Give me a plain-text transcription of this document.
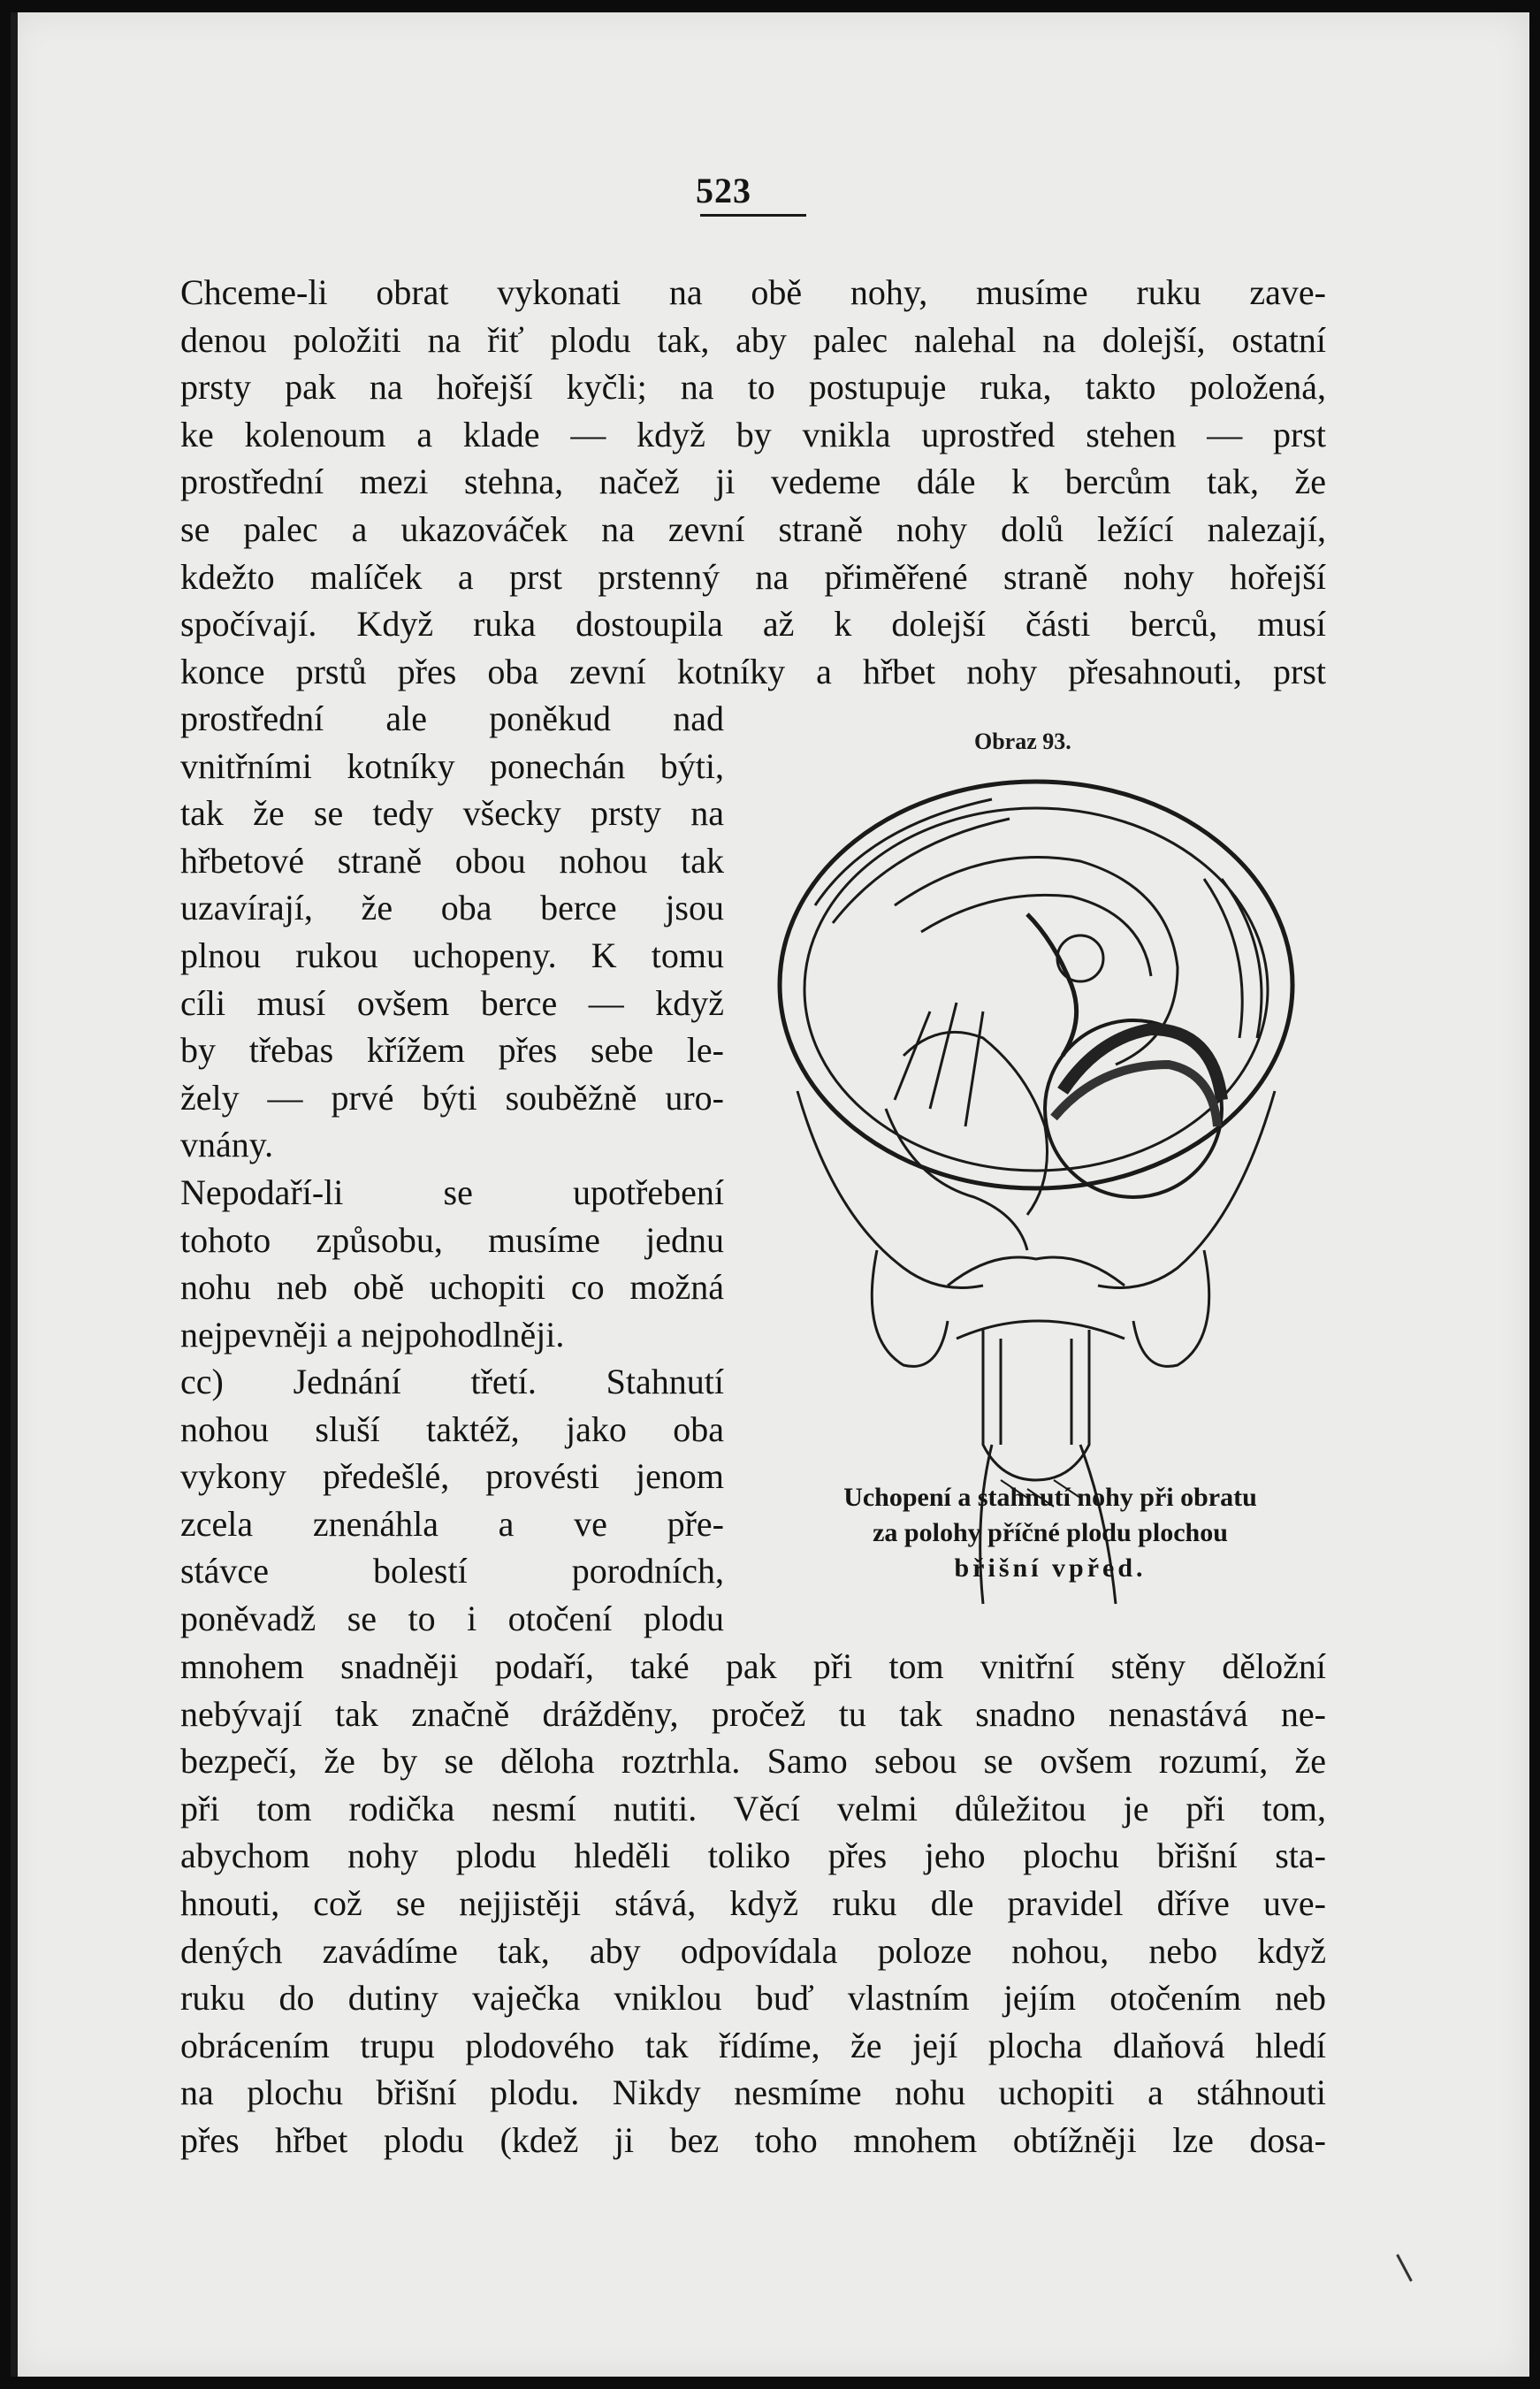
523
Chceme-li obrat vykonati na obě nohy, musíme ruku zave-
denou položiti na řiť plodu tak, aby palec nalehal na dolejší, ostatní
prsty pak na hořejší kyčli; na to postupuje ruka, takto položená,
ke kolenoum a klade — když by vnikla uprostřed stehen — prst
prostřední mezi stehna, načež ji vedeme dále k bercům tak, že
se palec a ukazováček na zevní straně nohy dolů ležící nalezají,
kdežto malíček a prst prstenný na přiměřené straně nohy hořejší
spočívají. Když ruka dostoupila až k dolejší části berců, musí
konce prstů přes oba zevní kotníky a hřbet nohy přesahnouti, prst
prostřední ale poněkud nad
vnitřními kotníky ponechán býti,
tak že se tedy všecky prsty na
hřbetové straně obou nohou tak
uzavírají, že oba berce jsou
plnou rukou uchopeny. K tomu
cíli musí ovšem berce — když
by třebas křížem přes sebe le-
žely — prvé býti souběžně uro-
vnány.
Nepodaří-li se upotřebení
tohoto způsobu, musíme jednu
nohu neb obě uchopiti co možná
nejpevněji a nejpohodlněji.
cc) Jednání třetí. Stahnutí
nohou sluší taktéž, jako oba
vykony předešlé, provésti jenom
zcela znenáhla a ve pře-
stávce bolestí porodních,
poněvadž se to i otočení plodu
mnohem snadněji podaří, také pak při tom vnitřní stěny děložní
nebývají tak značně drážděny, pročež tu tak snadno nenastává ne-
bezpečí, že by se děloha roztrhla. Samo sebou se ovšem rozumí, že
při tom rodička nesmí nutiti. Věcí velmi důležitou je při tom,
abychom nohy plodu hleděli toliko přes jeho plochu břišní sta-
hnouti, což se nejjistěji stává, když ruku dle pravidel dříve uve-
dených zavádíme tak, aby odpovídala poloze nohou, nebo když
ruku do dutiny vaječka vniklou buď vlastním jejím otočením neb
obrácením trupu plodového tak řídíme, že její plocha dlaňová hledí
na plochu břišní plodu. Nikdy nesmíme nohu uchopiti a stáhnouti
přes hřbet plodu (kdež ji bez toho mnohem obtížněji lze dosa-
Obraz 93.
Uchopení a stahnutí nohy při obratu
za polohy příčné plodu plochou
břišní vpřed.
